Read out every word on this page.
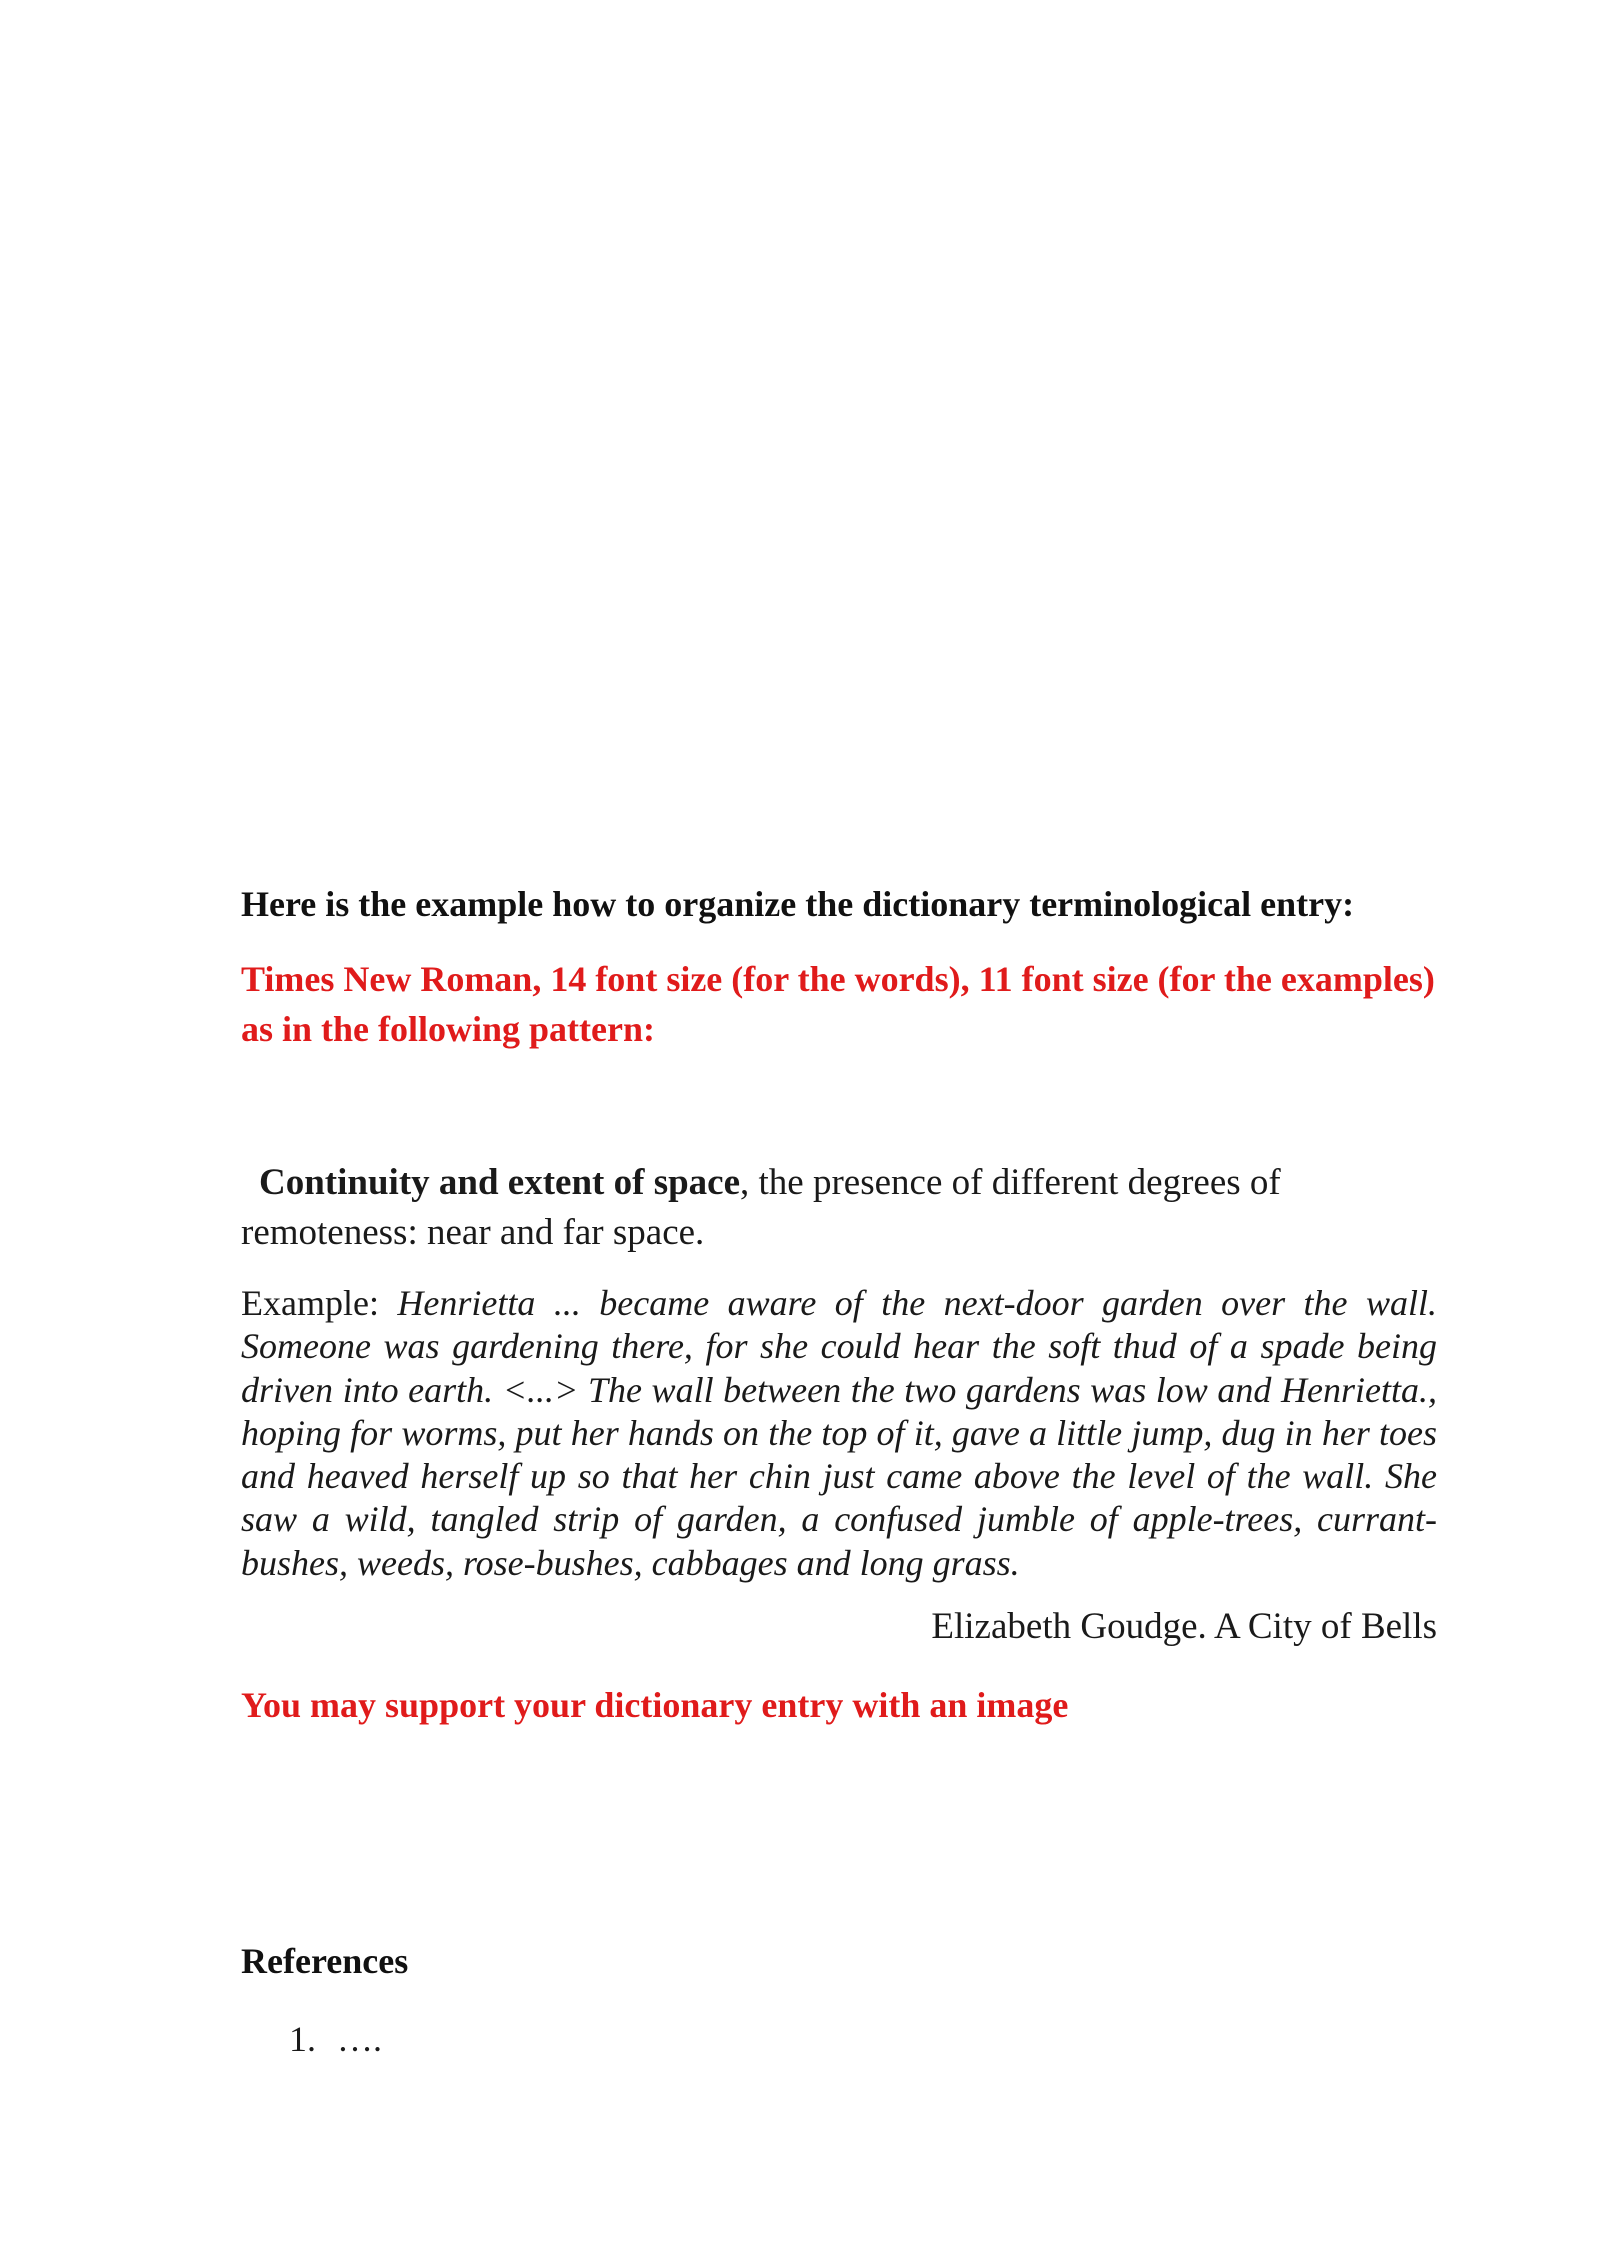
Here is the example how to organize the dictionary terminological entry:

Times New Roman, 14 font size (for the words), 11 font size (for the examples) as in the following pattern:

Continuity and extent of space, the presence of different degrees of remoteness: near and far space.

Example: Henrietta ... became aware of the next-door garden over the wall. Someone was gardening there, for she could hear the soft thud of a spade being driven into earth. <...> The wall between the two gardens was low and Henrietta., hoping for worms, put her hands on the top of it, gave a little jump, dug in her toes and heaved herself up so that her chin just came above the level of the wall. She saw a wild, tangled strip of garden, a confused jumble of apple-trees, currant-bushes, weeds, rose-bushes, cabbages and long grass.

Elizabeth Goudge. A City of Bells

You may support your dictionary entry with an image

References

1. ….
